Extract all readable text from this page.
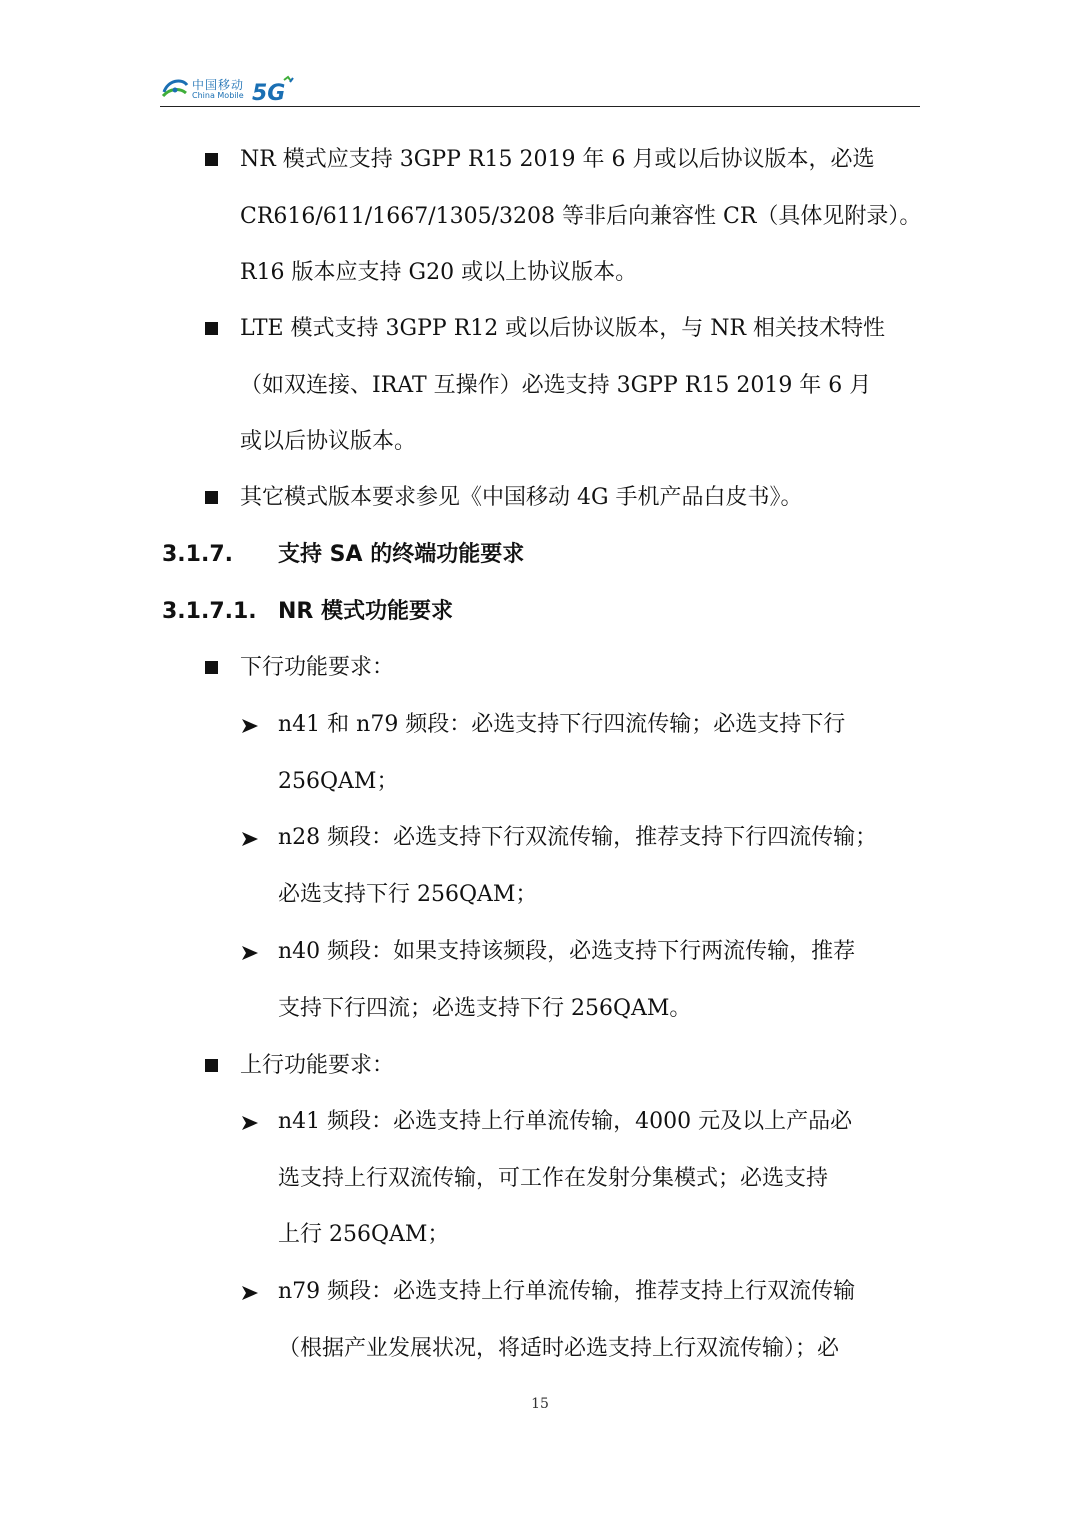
中国移动
China Mobile 5G
NR 模式应支持 3GPP R15 2019 年 6 月或以后协议版本，必选
CR616/611/1667/1305/3208 等非后向兼容性 CR（具体见附录）。
R16 版本应支持 G20 或以上协议版本。
LTE 模式支持 3GPP R12 或以后协议版本，与 NR 相关技术特性
（如双连接、IRAT 互操作）必选支持 3GPP R15 2019 年 6 月
或以后协议版本。
其它模式版本要求参见《中国移动 4G 手机产品白皮书》。
3.1.7. 支持 SA 的终端功能要求
3.1.7.1. NR 模式功能要求
下行功能要求：
n41 和 n79 频段：必选支持下行四流传输；必选支持下行
256QAM；
n28 频段：必选支持下行双流传输，推荐支持下行四流传输；
必选支持下行 256QAM；
n40 频段：如果支持该频段，必选支持下行两流传输，推荐
支持下行四流；必选支持下行 256QAM。
上行功能要求：
n41 频段：必选支持上行单流传输，4000 元及以上产品必
选支持上行双流传输，可工作在发射分集模式；必选支持
上行 256QAM；
n79 频段：必选支持上行单流传输，推荐支持上行双流传输
（根据产业发展状况，将适时必选支持上行双流传输）；必
15
